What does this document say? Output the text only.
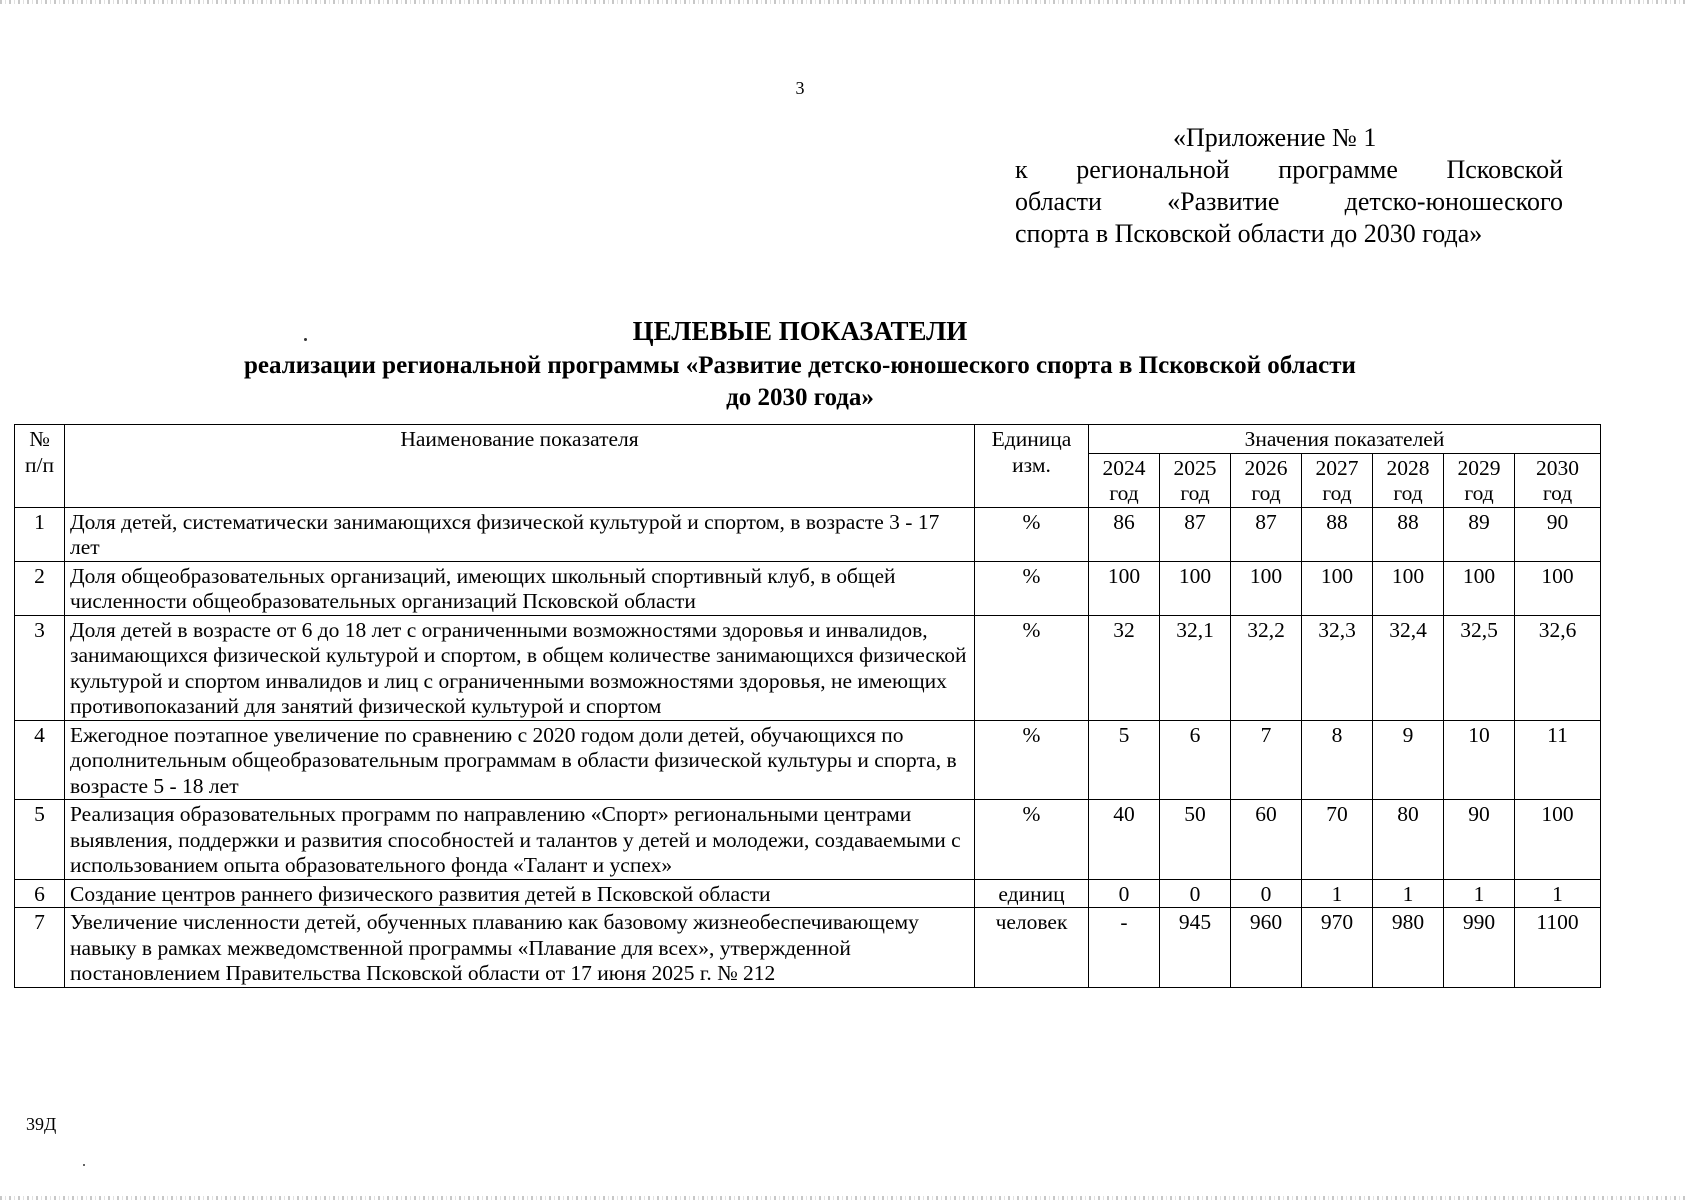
3
«Приложение № 1
к региональной программе Псковской
области «Развитие детско-юношеского
спорта в Псковской области до 2030 года»
ЦЕЛЕВЫЕ ПОКАЗАТЕЛИ
реализации региональной программы «Развитие детско-юношеского спорта в Псковской области
до 2030 года»
№ п/п	Наименование показателя	Единица изм.	Значения показателей						
			2024 год	2025 год	2026 год	2027 год	2028 год	2029 год	2030 год
1	Доля детей, систематически занимающихся физической культурой и спортом, в возрасте 3 - 17 лет	%	86	87	87	88	88	89	90
2	Доля общеобразовательных организаций, имеющих школьный спортивный клуб, в общей численности общеобразовательных организаций Псковской области	%	100	100	100	100	100	100	100
3	Доля детей в возрасте от 6 до 18 лет с ограниченными возможностями здоровья и инвалидов, занимающихся физической культурой и спортом, в общем количестве занимающихся физической культурой и спортом инвалидов и лиц с ограниченными возможностями здоровья, не имеющих противопоказаний для занятий физической культурой и спортом	%	32	32,1	32,2	32,3	32,4	32,5	32,6
4	Ежегодное поэтапное увеличение по сравнению с 2020 годом доли детей, обучающихся по дополнительным общеобразовательным программам в области физической культуры и спорта, в возрасте 5 - 18 лет	%	5	6	7	8	9	10	11
5	Реализация образовательных программ по направлению «Спорт» региональными центрами выявления, поддержки и развития способностей и талантов у детей и молодежи, создаваемыми с использованием опыта образовательного фонда «Талант и успех»	%	40	50	60	70	80	90	100
6	Создание центров раннего физического развития детей в Псковской области	единиц	0	0	0	1	1	1	1
7	Увеличение численности детей, обученных плаванию как базовому жизнеобеспечивающему навыку в рамках межведомственной программы «Плавание для всех», утвержденной постановлением Правительства Псковской области от 17 июня 2025 г. № 212	человек	-	945	960	970	980	990	1100
39Д
